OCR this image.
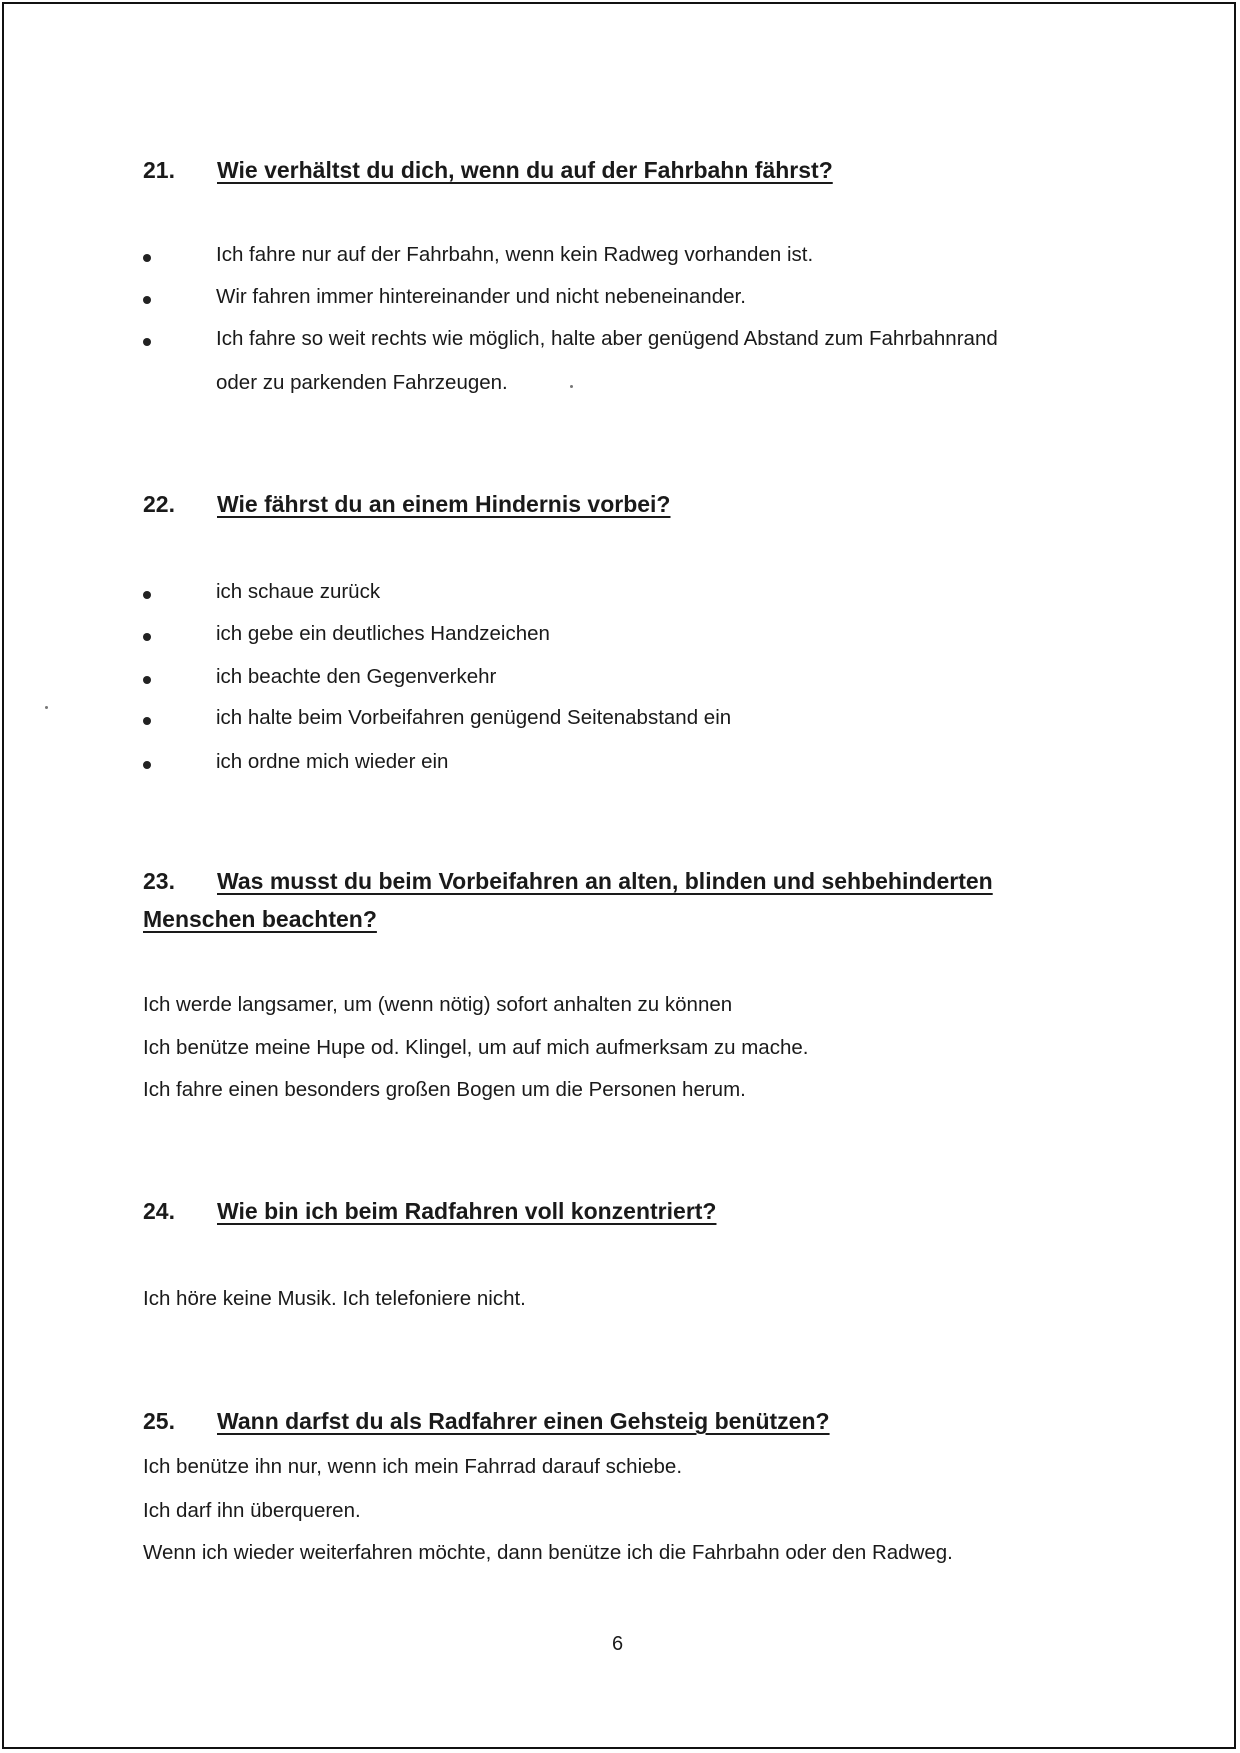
21. Wie verhältst du dich, wenn du auf der Fahrbahn fährst?
Ich fahre nur auf der Fahrbahn, wenn kein Radweg vorhanden ist.
Wir fahren immer hintereinander und nicht nebeneinander.
Ich fahre so weit rechts wie möglich, halte aber genügend Abstand zum Fahrbahnrand
oder zu parkenden Fahrzeugen.
22. Wie fährst du an einem Hindernis vorbei?
ich schaue zurück
ich gebe ein deutliches Handzeichen
ich beachte den Gegenverkehr
ich halte beim Vorbeifahren genügend Seitenabstand ein
ich ordne mich wieder ein
23. Was musst du beim Vorbeifahren an alten, blinden und sehbehinderten
Menschen beachten?
Ich werde langsamer, um (wenn nötig) sofort anhalten zu können
Ich benütze meine Hupe od. Klingel, um auf mich aufmerksam zu mache.
Ich fahre einen besonders großen Bogen um die Personen herum.
24. Wie bin ich beim Radfahren voll konzentriert?
Ich höre keine Musik. Ich telefoniere nicht.
25. Wann darfst du als Radfahrer einen Gehsteig benützen?
Ich benütze ihn nur, wenn ich mein Fahrrad darauf schiebe.
Ich darf ihn überqueren.
Wenn ich wieder weiterfahren möchte, dann benütze ich die Fahrbahn oder den Radweg.
6
